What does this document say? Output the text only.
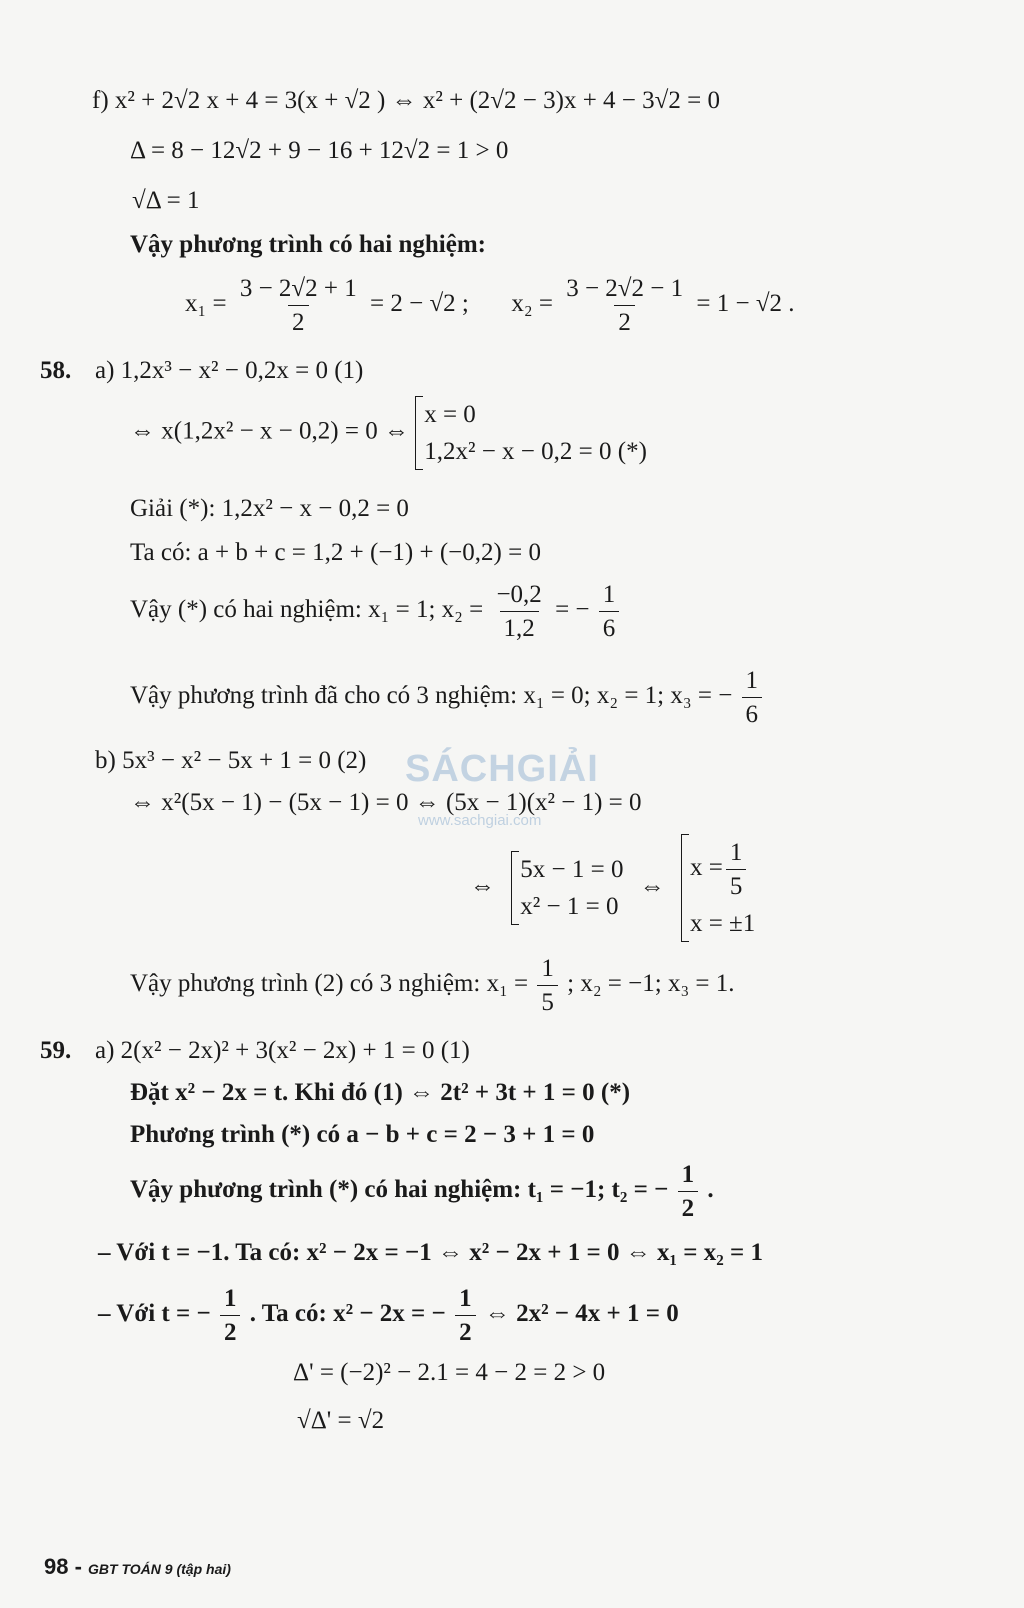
f) x² + 2√2 x + 4 = 3(x + √2 ) ⇔ x² + (2√2 − 3)x + 4 − 3√2 = 0
Δ = 8 − 12√2 + 9 − 16 + 12√2 = 1 > 0
√Δ = 1
Vậy phương trình có hai nghiệm:
$x_1 = \frac{3 - 2√2 + 1}{2} = 2 - √2$ ; $x_2 = \frac{3 - 2√2 - 1}{2} = 1 - √2$ .
58. a) 1,2x³ − x² − 0,2x = 0 (1)
⇔ x(1,2x² − x − 0,2) = 0 ⇔
x = 0
1,2x² − x − 0,2 = 0 (*)
Giải (*): 1,2x² − x − 0,2 = 0
Ta có: a + b + c = 1,2 + (−1) + (−0,2) = 0
Vậy (*) có hai nghiệm: x₁ = 1; $x_2 = \frac{-0,2}{1,2}$ = − $\frac{1}{6}$
Vậy phương trình đã cho có 3 nghiệm: x₁ = 0; x₂ = 1; x₃ = − $\frac{1}{6}$
b) 5x³ − x² − 5x + 1 = 0 (2)
⇔ x²(5x − 1) − (5x − 1) = 0 ⇔ (5x − 1)(x² − 1) = 0
⇔
5x − 1 = 0
x² − 1 = 0
⇔
$x = \frac{1}{5}$
x = ±1
Vậy phương trình (2) có 3 nghiệm: $x_1 = \frac{1}{5}$ ; x₂ = −1; x₃ = 1.
59. a) 2(x² − 2x)² + 3(x² − 2x) + 1 = 0 (1)
Đặt x² − 2x = t. Khi đó (1) ⇔ 2t² + 3t + 1 = 0 (*)
Phương trình (*) có a − b + c = 2 − 3 + 1 = 0
Vậy phương trình (*) có hai nghiệm: t₁ = −1; t₂ = − $\frac{1}{2}$ .
– Với t = −1. Ta có: x² − 2x = −1 ⇔ x² − 2x + 1 = 0 ⇔ x₁ = x₂ = 1
– Với t = − $\frac{1}{2}$ . Ta có: x² − 2x = − $\frac{1}{2}$ ⇔ 2x² − 4x + 1 = 0
Δ' = (−2)² − 2.1 = 4 − 2 = 2 > 0
√Δ' = √2
SÁCHGIẢI
www.sachgiai.com
98 - GBT TOÁN 9 (tập hai)
